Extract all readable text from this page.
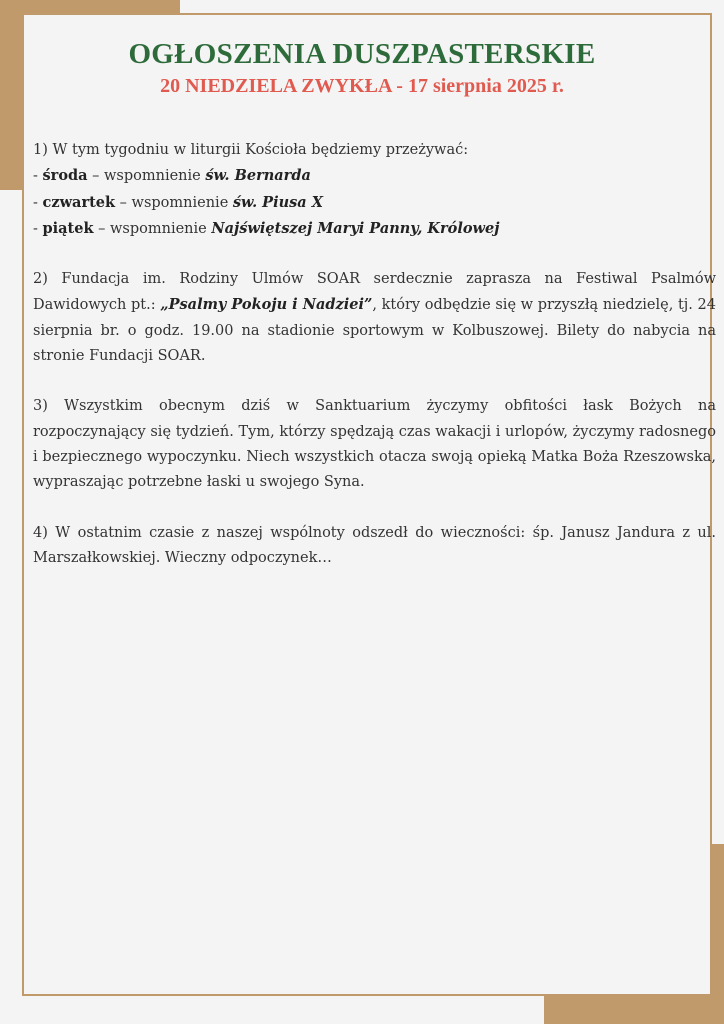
OGŁOSZENIA DUSZPASTERSKIE
20 NIEDZIELA ZWYKŁA - 17 sierpnia 2025 r.

1) W tym tygodniu w liturgii Kościoła będziemy przeżywać:
- środa – wspomnienie św. Bernarda
- czwartek – wspomnienie św. Piusa X
- piątek – wspomnienie Najświętszej Maryi Panny, Królowej

2) Fundacja im. Rodziny Ulmów SOAR serdecznie zaprasza na Festiwal Psalmów Dawidowych pt.: „Psalmy Pokoju i Nadziei”, który odbędzie się w przyszłą niedzielę, tj. 24 sierpnia br. o godz. 19.00 na stadionie sportowym w Kolbuszowej. Bilety do nabycia na stronie Fundacji SOAR.

3) Wszystkim obecnym dziś w Sanktuarium życzymy obfitości łask Bożych na rozpoczynający się tydzień. Tym, którzy spędzają czas wakacji i urlopów, życzymy radosnego i bezpiecznego wypoczynku. Niech wszystkich otacza swoją opieką Matka Boża Rzeszowska, wypraszając potrzebne łaski u swojego Syna.

4) W ostatnim czasie z naszej wspólnoty odszedł do wieczności: śp. Janusz Jandura z ul. Marszałkowskiej. Wieczny odpoczynek…
